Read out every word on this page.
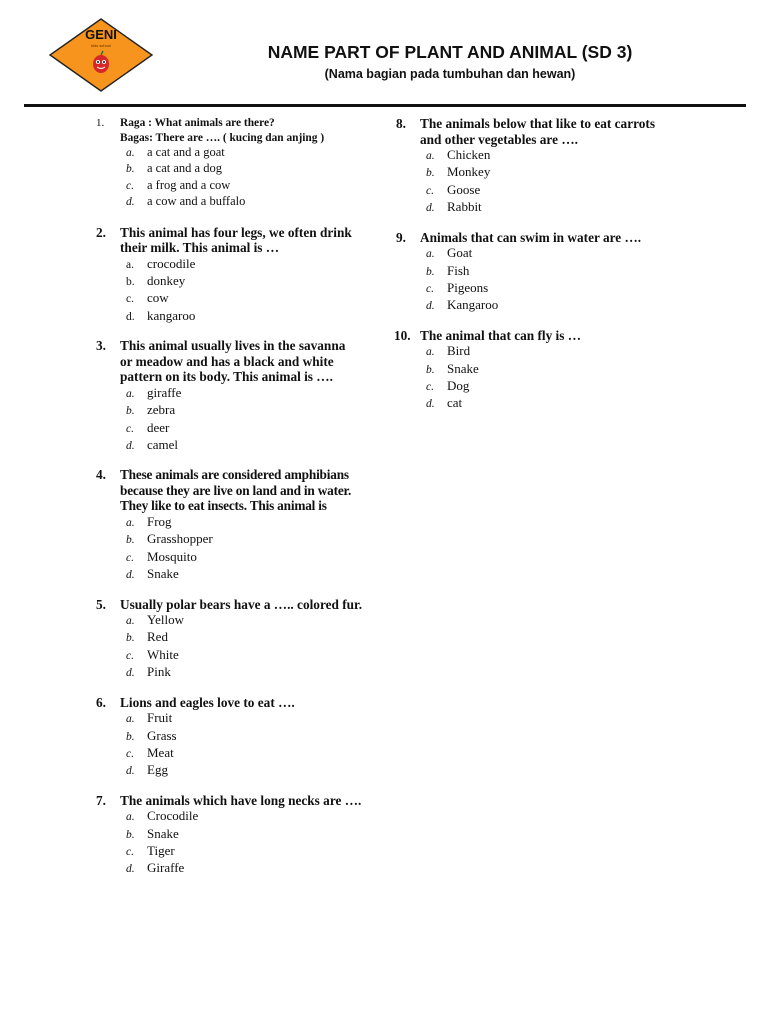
GENI
kids school	NAME PART OF PLANT AND ANIMAL (SD 3)
(Nama bagian pada tumbuhan dan hewan)
1. Raga : What animals are there?
Bagas: There are …. ( kucing dan anjing )
a. a cat and a goat
b. a cat and a dog
c. a frog and a cow
d. a cow and a buffalo
2. This animal has four legs, we often drink
their milk. This animal is …
a. crocodile
b. donkey
c. cow
d. kangaroo
3. This animal usually lives in the savanna
or meadow and has a black and white
pattern on its body. This animal is ….
a. giraffe
b. zebra
c. deer
d. camel
4. These animals are considered amphibians
because they are live on land and in water.
They like to eat insects. This animal is
a. Frog
b. Grasshopper
c. Mosquito
d. Snake
5. Usually polar bears have a ….. colored fur.
a. Yellow
b. Red
c. White
d. Pink
6. Lions and eagles love to eat ….
a. Fruit
b. Grass
c. Meat
d. Egg
7. The animals which have long necks are ….
a. Crocodile
b. Snake
c. Tiger
d. Giraffe
8. The animals below that like to eat carrots
and other vegetables are ….
a. Chicken
b. Monkey
c. Goose
d. Rabbit
9. Animals that can swim in water are ….
a. Goat
b. Fish
c. Pigeons
d. Kangaroo
10. The animal that can fly is …
a. Bird
b. Snake
c. Dog
d. cat
